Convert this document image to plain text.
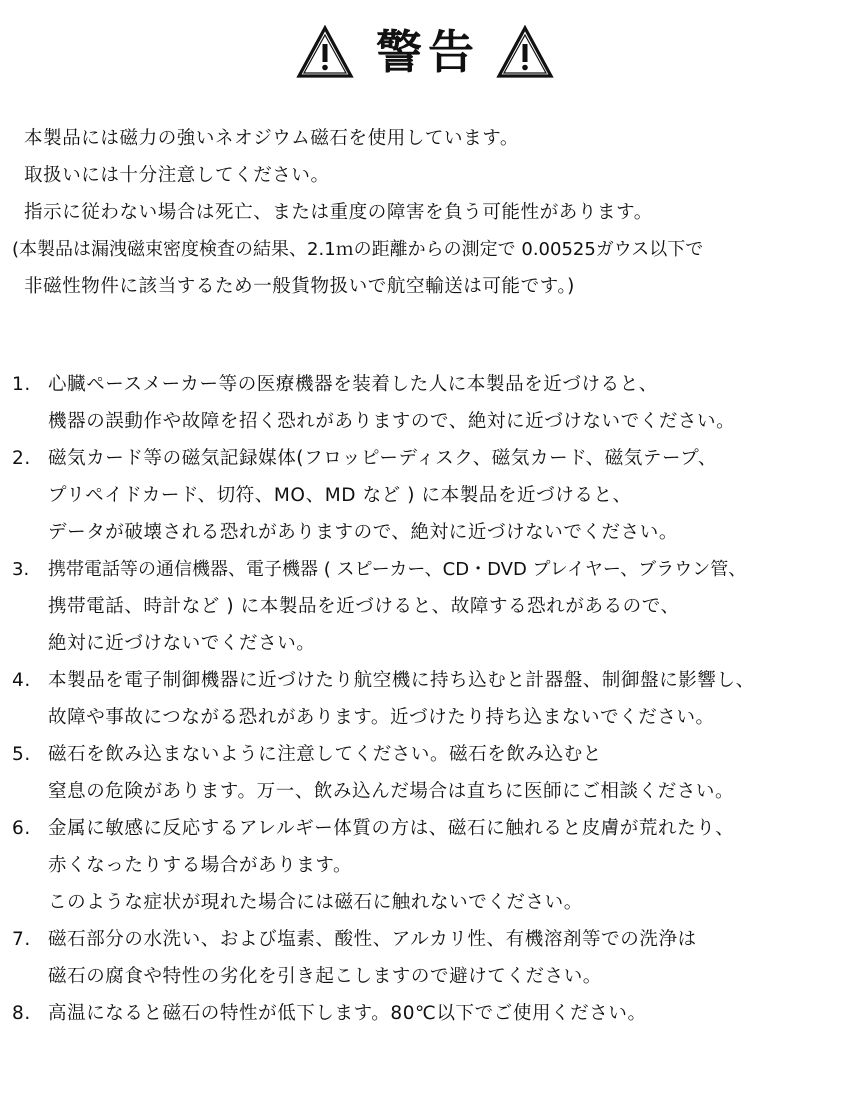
警告
本製品には磁力の強いネオジウム磁石を使用しています。
取扱いには十分注意してください。
指示に従わない場合は死亡、または重度の障害を負う可能性があります。
(本製品は漏洩磁束密度検査の結果、2.1ｍの距離からの測定で 0.00525ガウス以下で
非磁性物件に該当するため一般貨物扱いで航空輸送は可能です。)
1. 心臓ペースメーカー等の医療機器を装着した人に本製品を近づけると、
機器の誤動作や故障を招く恐れがありますので、絶対に近づけないでください。
2. 磁気カード等の磁気記録媒体(フロッピーディスク、磁気カード、磁気テープ、
プリペイドカード、切符、MO、MD など ) に本製品を近づけると、
データが破壊される恐れがありますので、絶対に近づけないでください。
3.	携帯電話等の通信機器、電子機器 ( スピーカー、CD・DVD プレイヤー、ブラウン管、
携帯電話、時計など ) に本製品を近づけると、故障する恐れがあるので、
絶対に近づけないでください。
4. 本製品を電子制御機器に近づけたり航空機に持ち込むと計器盤、制御盤に影響し、
故障や事故につながる恐れがあります。近づけたり持ち込まないでください。
5. 磁石を飲み込まないように注意してください。磁石を飲み込むと
窒息の危険があります。万一、飲み込んだ場合は直ちに医師にご相談ください。
6. 金属に敏感に反応するアレルギー体質の方は、磁石に触れると皮膚が荒れたり、
赤くなったりする場合があります。
このような症状が現れた場合には磁石に触れないでください。
7. 磁石部分の水洗い、および塩素、酸性、アルカリ性、有機溶剤等での洗浄は
磁石の腐食や特性の劣化を引き起こしますので避けてください。
8. 高温になると磁石の特性が低下します。80℃以下でご使用ください。
